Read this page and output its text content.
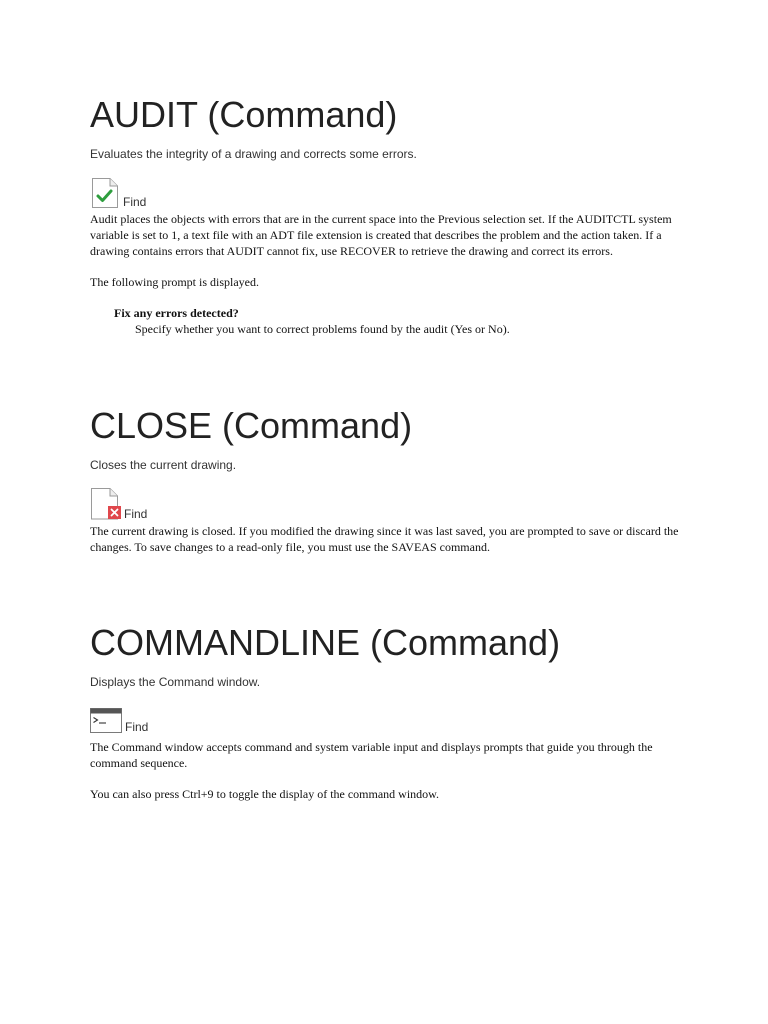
AUDIT (Command)
Evaluates the integrity of a drawing and corrects some errors.
Find

Audit places the objects with errors that are in the current space into the Previous selection set. If the AUDITCTL system variable is set to 1, a text file with an ADT file extension is created that describes the problem and the action taken. If a drawing contains errors that AUDIT cannot fix, use RECOVER to retrieve the drawing and correct its errors.

The following prompt is displayed.

Fix any errors detected?
Specify whether you want to correct problems found by the audit (Yes or No).
CLOSE (Command)
Closes the current drawing.
Find

The current drawing is closed. If you modified the drawing since it was last saved, you are prompted to save or discard the changes. To save changes to a read-only file, you must use the SAVEAS command.

COMMANDLINE (Command)
Displays the Command window.
Find

The Command window accepts command and system variable input and displays prompts that guide you through the command sequence.

You can also press Ctrl+9 to toggle the display of the command window.
